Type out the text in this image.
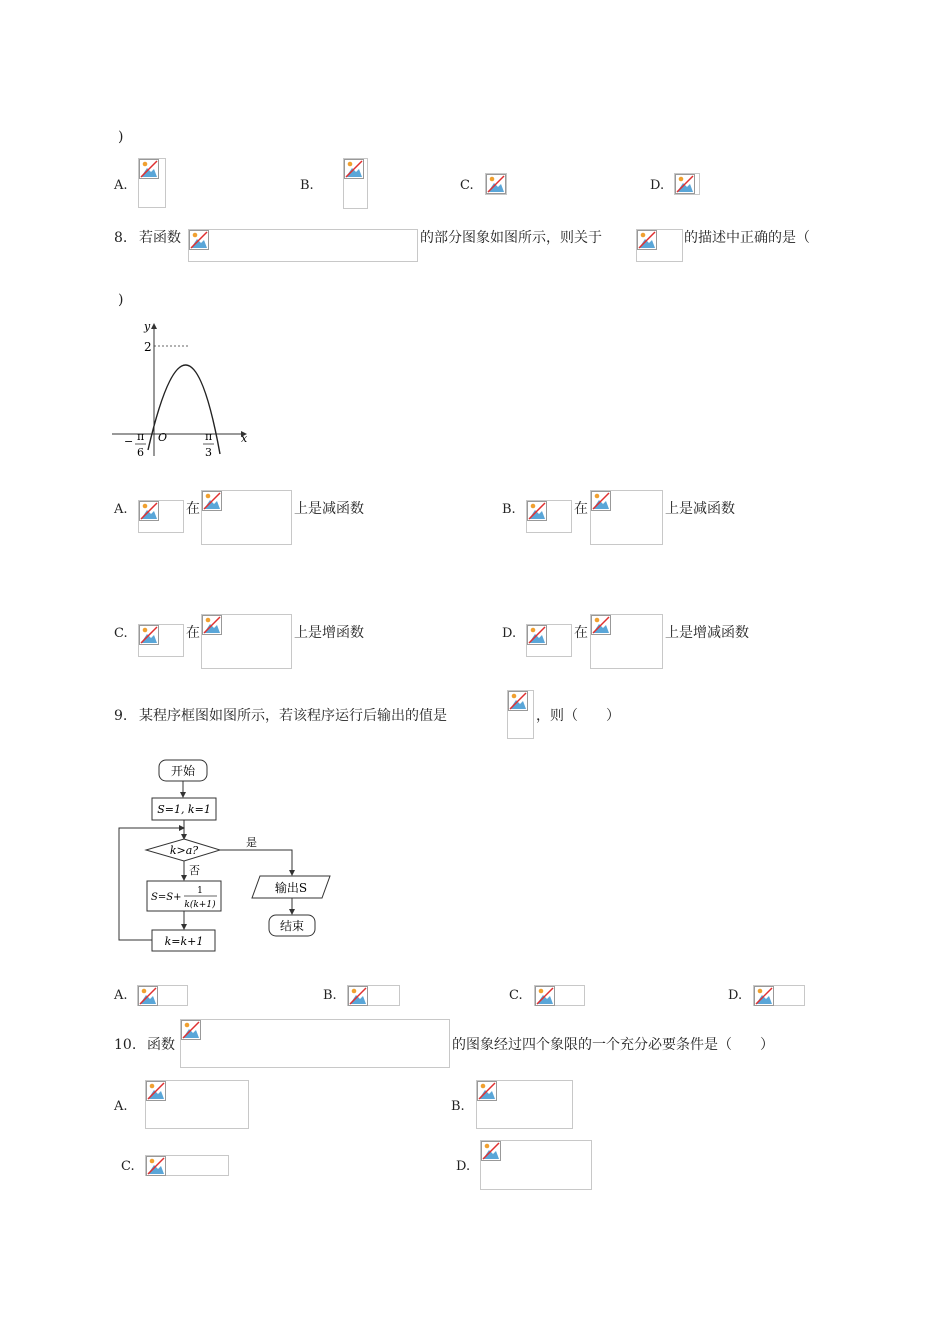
)
A.	B.	C.	D.
8. 若函数	的部分图象如图所示，则关于	的描述中正确的是（
)
y
x
2
O
− π
6
π
3
A.	在	上是减函数	B.	在	上是减函数
C.	在	上是增函数	D.	在	上是增减函数
9. 某程序框图如图所示，若该程序运行后输出的值是	，则（　　）
开始
S=1, k=1
k>a?
是
否
S=S+
1
k(k+1)
k=k+1
输出S
结束
A.	B.	C.	D.
10. 函数	的图象经过四个象限的一个充分必要条件是（　　）
A.	B.
C.	D.
